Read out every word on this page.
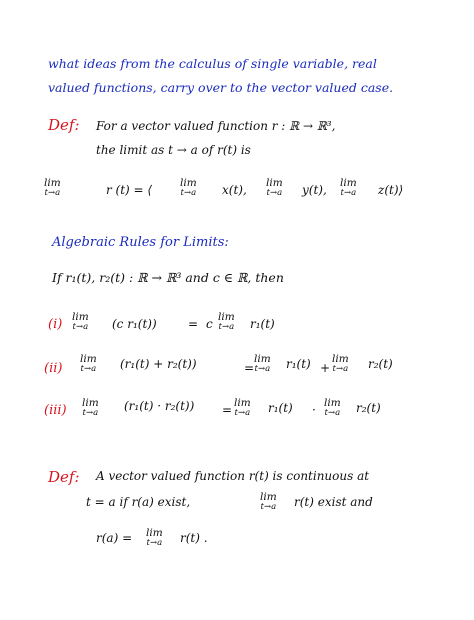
what ideas from the calculus of single variable, real
valued functions, carry over to the vector valued case.
Def: For a vector valued function r : ℝ → ℝ³,
the limit as t → a of r(t) is
lim
t→a	r (t) = ⟨	lim
t→a x(t), lim
t→a y(t), lim
t→a z(t)⟩
Algebraic Rules for Limits:
If r₁(t), r₂(t) : ℝ → ℝ³ and c ∈ ℝ, then
(i) lim
t→a (c r₁(t))	= c lim
t→a r₁(t)
(ii)
lim
t→a (r₁(t) + r₂(t))	=
lim
t→a r₁(t) +
lim
t→a r₂(t)
(iii) lim
t→a (r₁(t) · r₂(t)) = lim
t→a r₁(t) · lim
t→a r₂(t)
Def: A vector valued function r(t) is continuous at
t = a if r(a) exist,	lim
t→a r(t) exist and
r(a) = lim
t→a r(t) .
